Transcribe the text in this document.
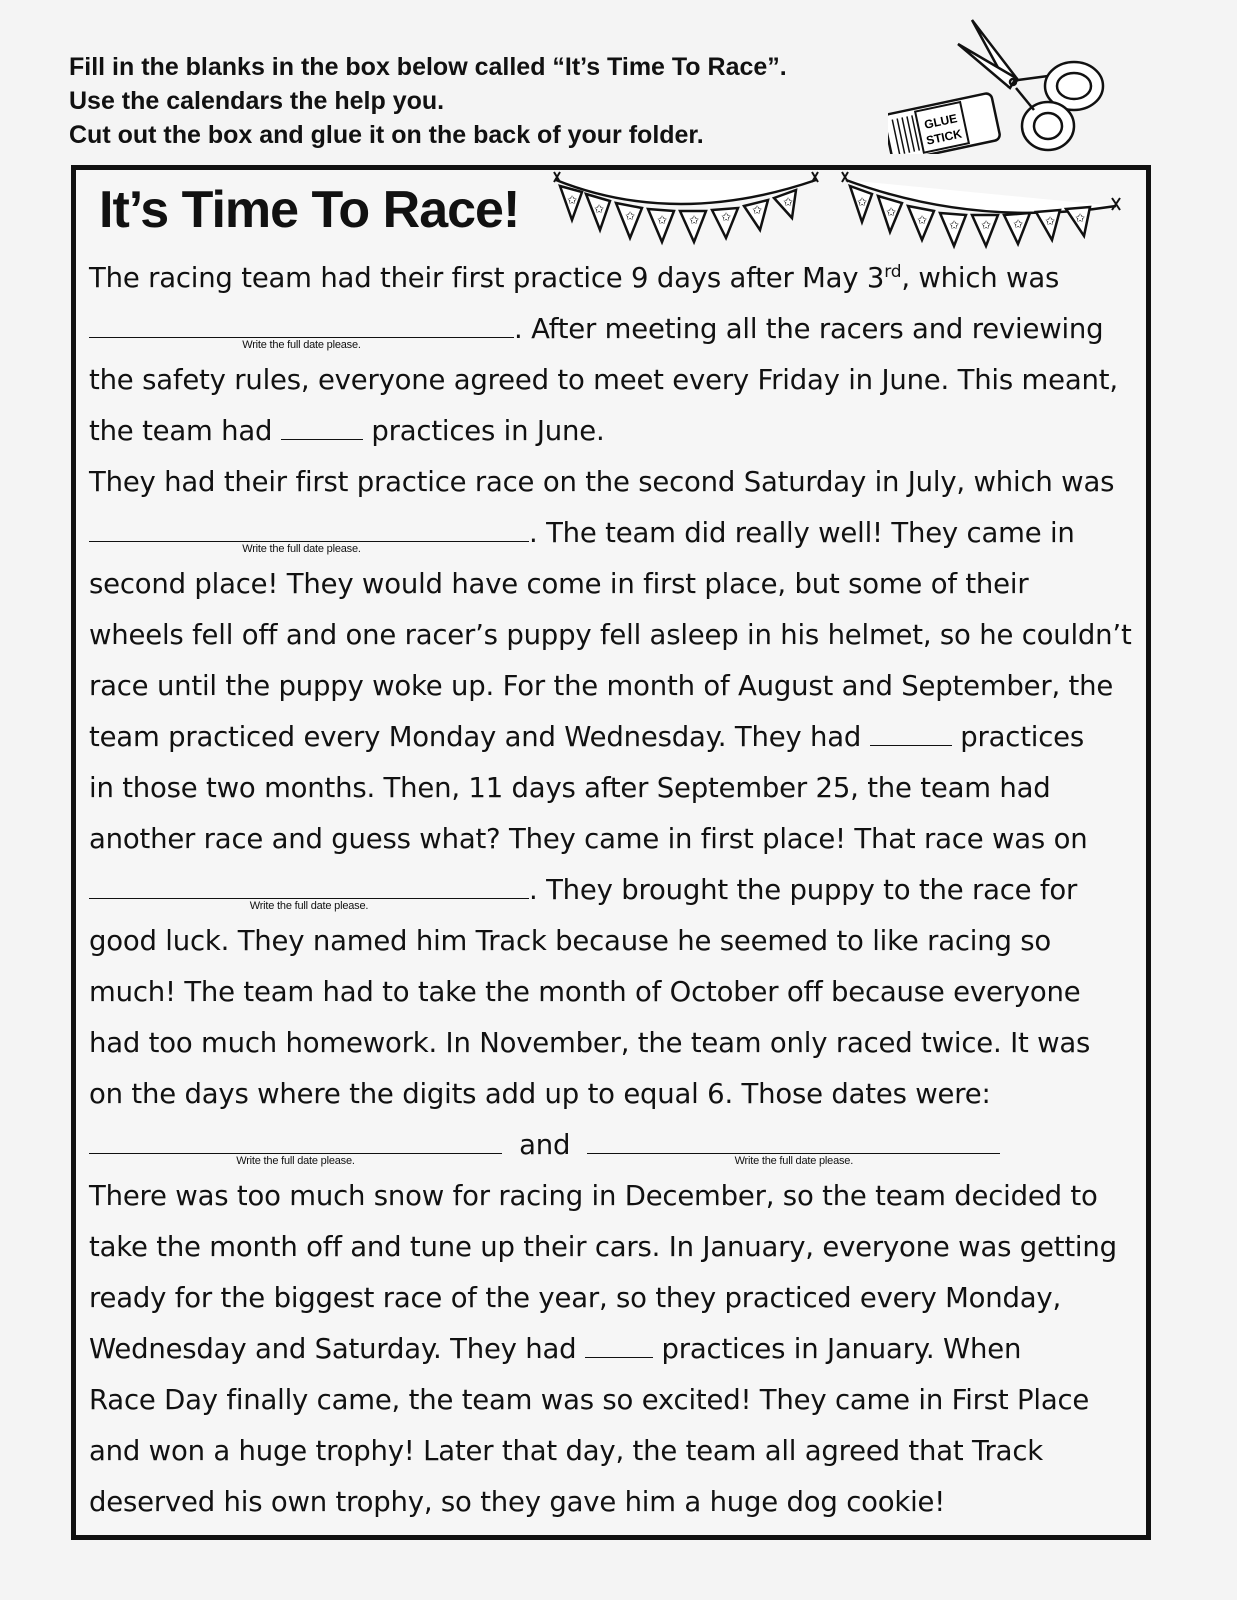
Fill in the blanks in the box below called “It’s Time To Race”.
Use the calendars the help you.
Cut out the box and glue it on the back of your folder.	GLUE
STICK
It’s Time To Race!	✩
✩ ✩ ✩ ✩ ✩ ✩
✩	✩
✩
✩ ✩ ✩ ✩ ✩ ✩
The racing team had their first practice 9 days after May 3rd, which was
Write the full date please.	. After meeting all the racers and reviewing
the safety rules, everyone agreed to meet every Friday in June. This meant,
the team had	practices in June.
They had their first practice race on the second Saturday in July, which was
Write the full date please.	. The team did really well! They came in
second place! They would have come in first place, but some of their
wheels fell off and one racer’s puppy fell asleep in his helmet, so he couldn’t
race until the puppy woke up. For the month of August and September, the
team practiced every Monday and Wednesday. They had	practices
in those two months. Then, 11 days after September 25, the team had
another race and guess what? They came in first place! That race was on
Write the full date please.	. They brought the puppy to the race for
good luck. They named him Track because he seemed to like racing so
much! The team had to take the month of October off because everyone
had too much homework. In November, the team only raced twice. It was
on the days where the digits add up to equal 6. Those dates were:
Write the full date please.	and	Write the full date please.
There was too much snow for racing in December, so the team decided to
take the month off and tune up their cars. In January, everyone was getting
ready for the biggest race of the year, so they practiced every Monday,
Wednesday and Saturday. They had	practices in January. When
Race Day finally came, the team was so excited! They came in First Place
and won a huge trophy! Later that day, the team all agreed that Track
deserved his own trophy, so they gave him a huge dog cookie!
